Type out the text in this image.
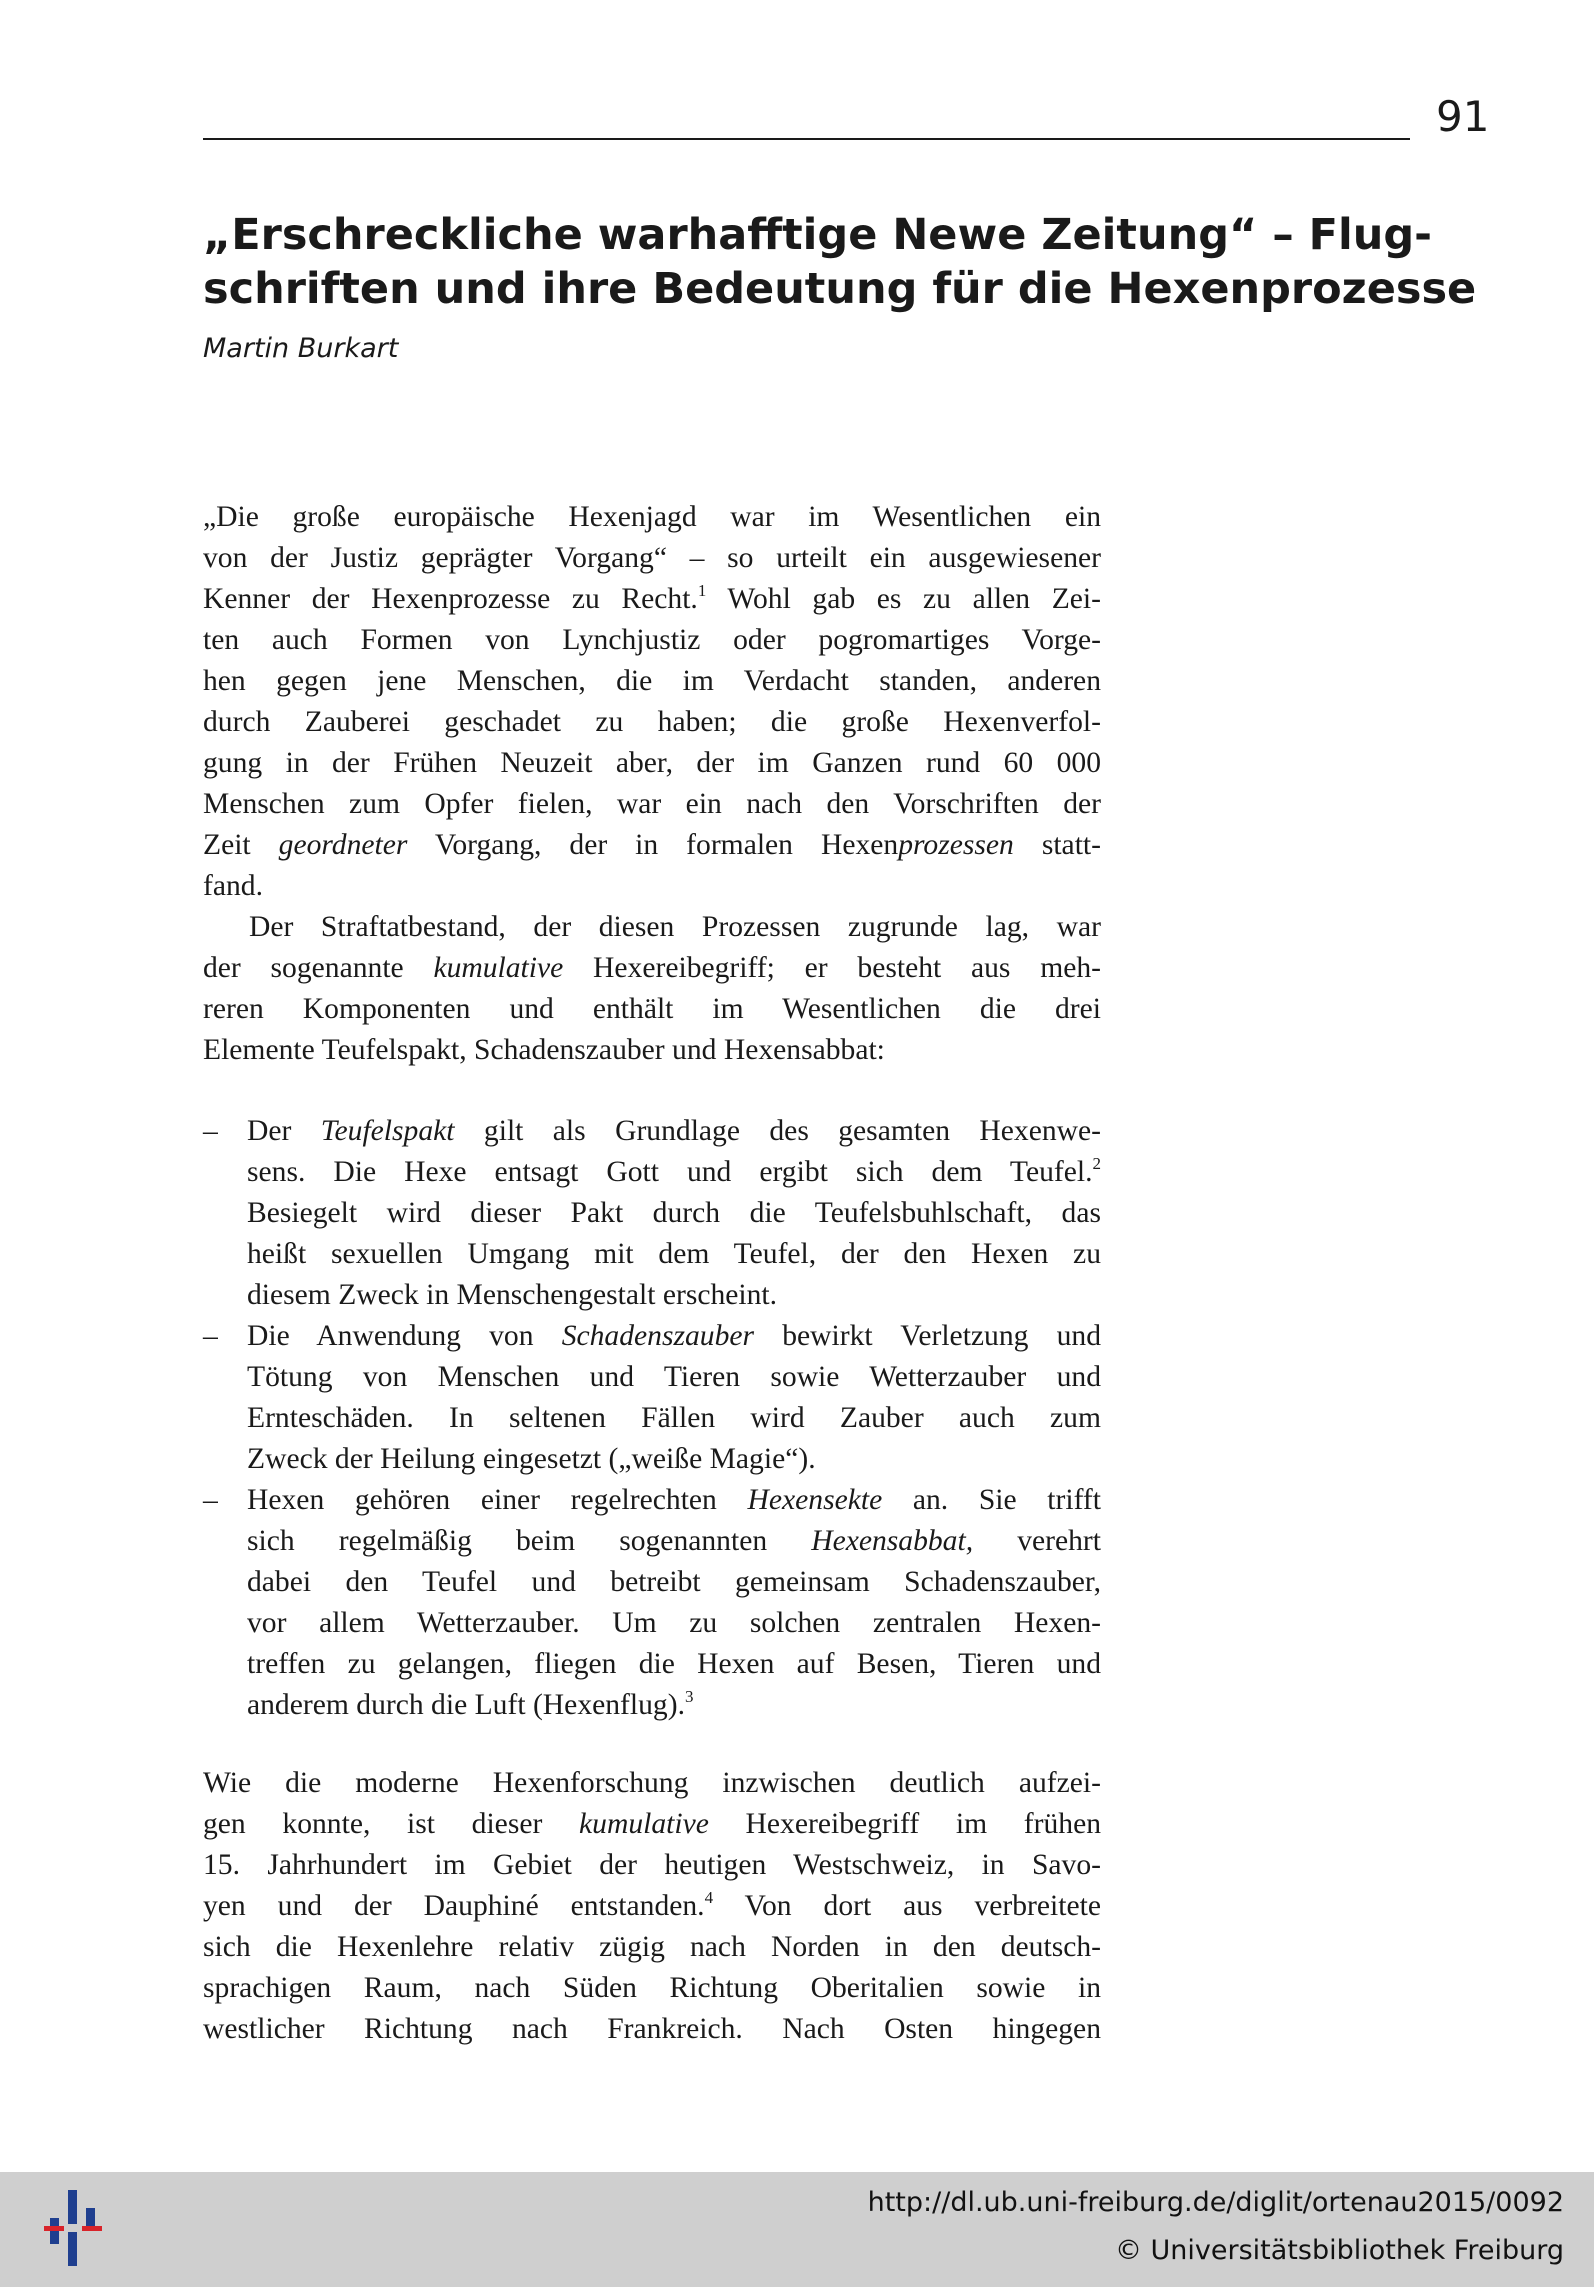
91
„Erschreckliche warhafftige Newe Zeitung“ – Flug-
schriften und ihre Bedeutung für die Hexenprozesse
Martin Burkart
„Die große europäische Hexenjagd war im Wesentlichen ein
von der Justiz geprägter Vorgang“ – so urteilt ein ausgewiesener
Kenner der Hexenprozesse zu Recht.$^1$ Wohl gab es zu allen Zei-
ten auch Formen von Lynchjustiz oder pogromartiges Vorge-
hen gegen jene Menschen, die im Verdacht standen, anderen
durch Zauberei geschadet zu haben; die große Hexenverfol-
gung in der Frühen Neuzeit aber, der im Ganzen rund 60 000
Menschen zum Opfer fielen, war ein nach den Vorschriften der
Zeit geordneter Vorgang, der in formalen Hexenprozessen statt-
fand.
Der Straftatbestand, der diesen Prozessen zugrunde lag, war
der sogenannte kumulative Hexereibegriff; er besteht aus meh-
reren Komponenten und enthält im Wesentlichen die drei
Elemente Teufelspakt, Schadenszauber und Hexensabbat:
– Der Teufelspakt gilt als Grundlage des gesamten Hexenwe-
sens. Die Hexe entsagt Gott und ergibt sich dem Teufel.$^2$
Besiegelt wird dieser Pakt durch die Teufelsbuhlschaft, das
heißt sexuellen Umgang mit dem Teufel, der den Hexen zu
diesem Zweck in Menschengestalt erscheint.
– Die Anwendung von Schadenszauber bewirkt Verletzung und
Tötung von Menschen und Tieren sowie Wetterzauber und
Ernteschäden. In seltenen Fällen wird Zauber auch zum
Zweck der Heilung eingesetzt („weiße Magie“).
– Hexen gehören einer regelrechten Hexensekte an. Sie trifft
sich regelmäßig beim sogenannten Hexensabbat, verehrt
dabei den Teufel und betreibt gemeinsam Schadenszauber,
vor allem Wetterzauber. Um zu solchen zentralen Hexen-
treffen zu gelangen, fliegen die Hexen auf Besen, Tieren und
anderem durch die Luft (Hexenflug).$^3$
Wie die moderne Hexenforschung inzwischen deutlich aufzei-
gen konnte, ist dieser kumulative Hexereibegriff im frühen
15. Jahrhundert im Gebiet der heutigen Westschweiz, in Savo-
yen und der Dauphiné entstanden.$^4$ Von dort aus verbreitete
sich die Hexenlehre relativ zügig nach Norden in den deutsch-
sprachigen Raum, nach Süden Richtung Oberitalien sowie in
westlicher Richtung nach Frankreich. Nach Osten hingegen
http://dl.ub.uni-freiburg.de/diglit/ortenau2015/0092
© Universitätsbibliothek Freiburg
